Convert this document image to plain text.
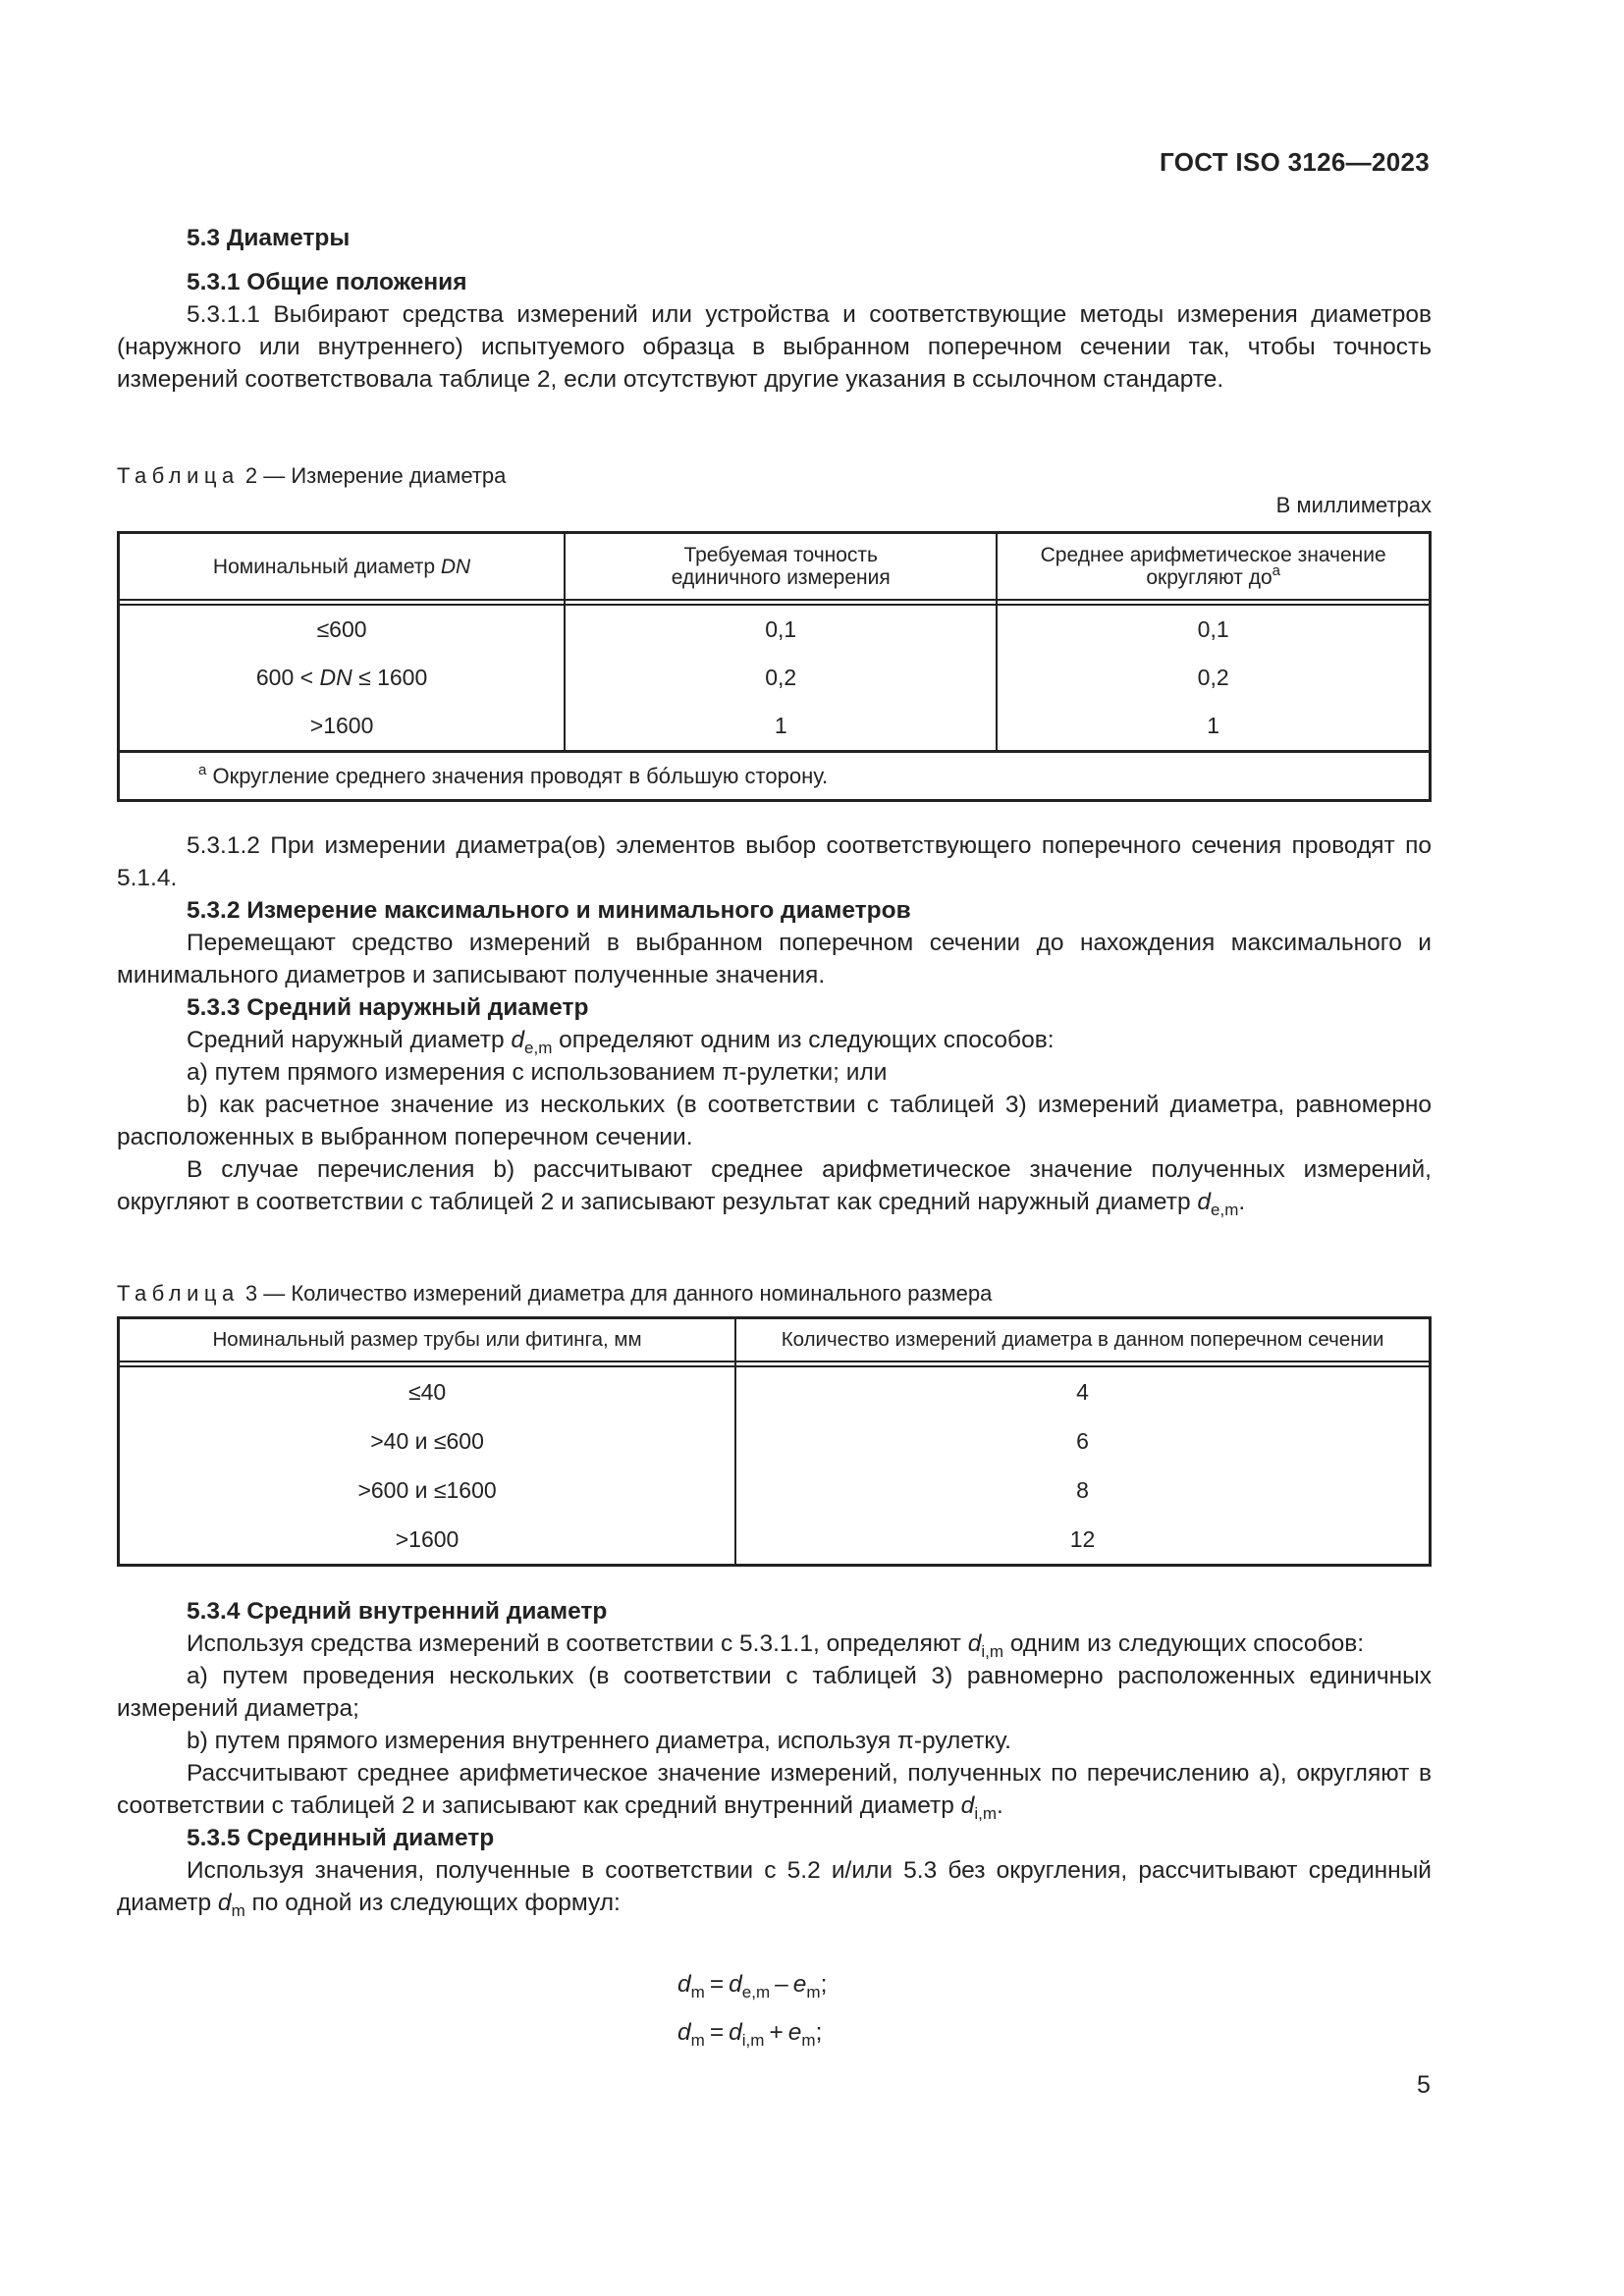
ГОСТ ISO 3126—2023
5.3 Диаметры
5.3.1 Общие положения
5.3.1.1 Выбирают средства измерений или устройства и соответствующие методы измерения диаметров (наружного или внутреннего) испытуемого образца в выбранном поперечном сечении так, чтобы точность измерений соответствовала таблице 2, если отсутствуют другие указания в ссылочном стандарте.
Таблица 2 — Измерение диаметра
В миллиметрах
Номинальный диаметр DN	Требуемая точность единичного измерения	Среднее арифметическое значение округляют $до^a$

≤600	0,1	0,1
600 < DN ≤ 1600	0,2	0,2
>1600	1	1
$^a$ Округление среднего значения проводят в бóльшую сторону.		
5.3.1.2 При измерении диаметра(ов) элементов выбор соответствующего поперечного сечения проводят по 5.1.4.
5.3.2 Измерение максимального и минимального диаметров
Перемещают средство измерений в выбранном поперечном сечении до нахождения максимального и минимального диаметров и записывают полученные значения.
5.3.3 Средний наружный диаметр
Средний наружный диаметр $d_{e,m}$ определяют одним из следующих способов:
а) путем прямого измерения с использованием π-рулетки; или
b) как расчетное значение из нескольких (в соответствии с таблицей 3) измерений диаметра, равномерно расположенных в выбранном поперечном сечении.
В случае перечисления b) рассчитывают среднее арифметическое значение полученных измерений, округляют в соответствии с таблицей 2 и записывают результат как средний наружный диаметр $d_{e,m}$.
Таблица 3 — Количество измерений диаметра для данного номинального размера
Номинальный размер трубы или фитинга, мм	Количество измерений диаметра в данном поперечном сечении

≤40	4
>40 и ≤600	6
>600 и ≤1600	8
>1600	12
5.3.4 Средний внутренний диаметр
Используя средства измерений в соответствии с 5.3.1.1, определяют $d_{i,m}$ одним из следующих способов:
а) путем проведения нескольких (в соответствии с таблицей 3) равномерно расположенных единичных измерений диаметра;
b) путем прямого измерения внутреннего диаметра, используя π-рулетку.
Рассчитывают среднее арифметическое значение измерений, полученных по перечислению а), округляют в соответствии с таблицей 2 и записывают как средний внутренний диаметр $d_{i,m}$.
5.3.5 Срединный диаметр
Используя значения, полученные в соответствии с 5.2 и/или 5.3 без округления, рассчитывают срединный диаметр $d_m$ по одной из следующих формул:
$d_m = d_{e,m} - e_m$;
$d_m = d_{i,m} + e_m$;
5
